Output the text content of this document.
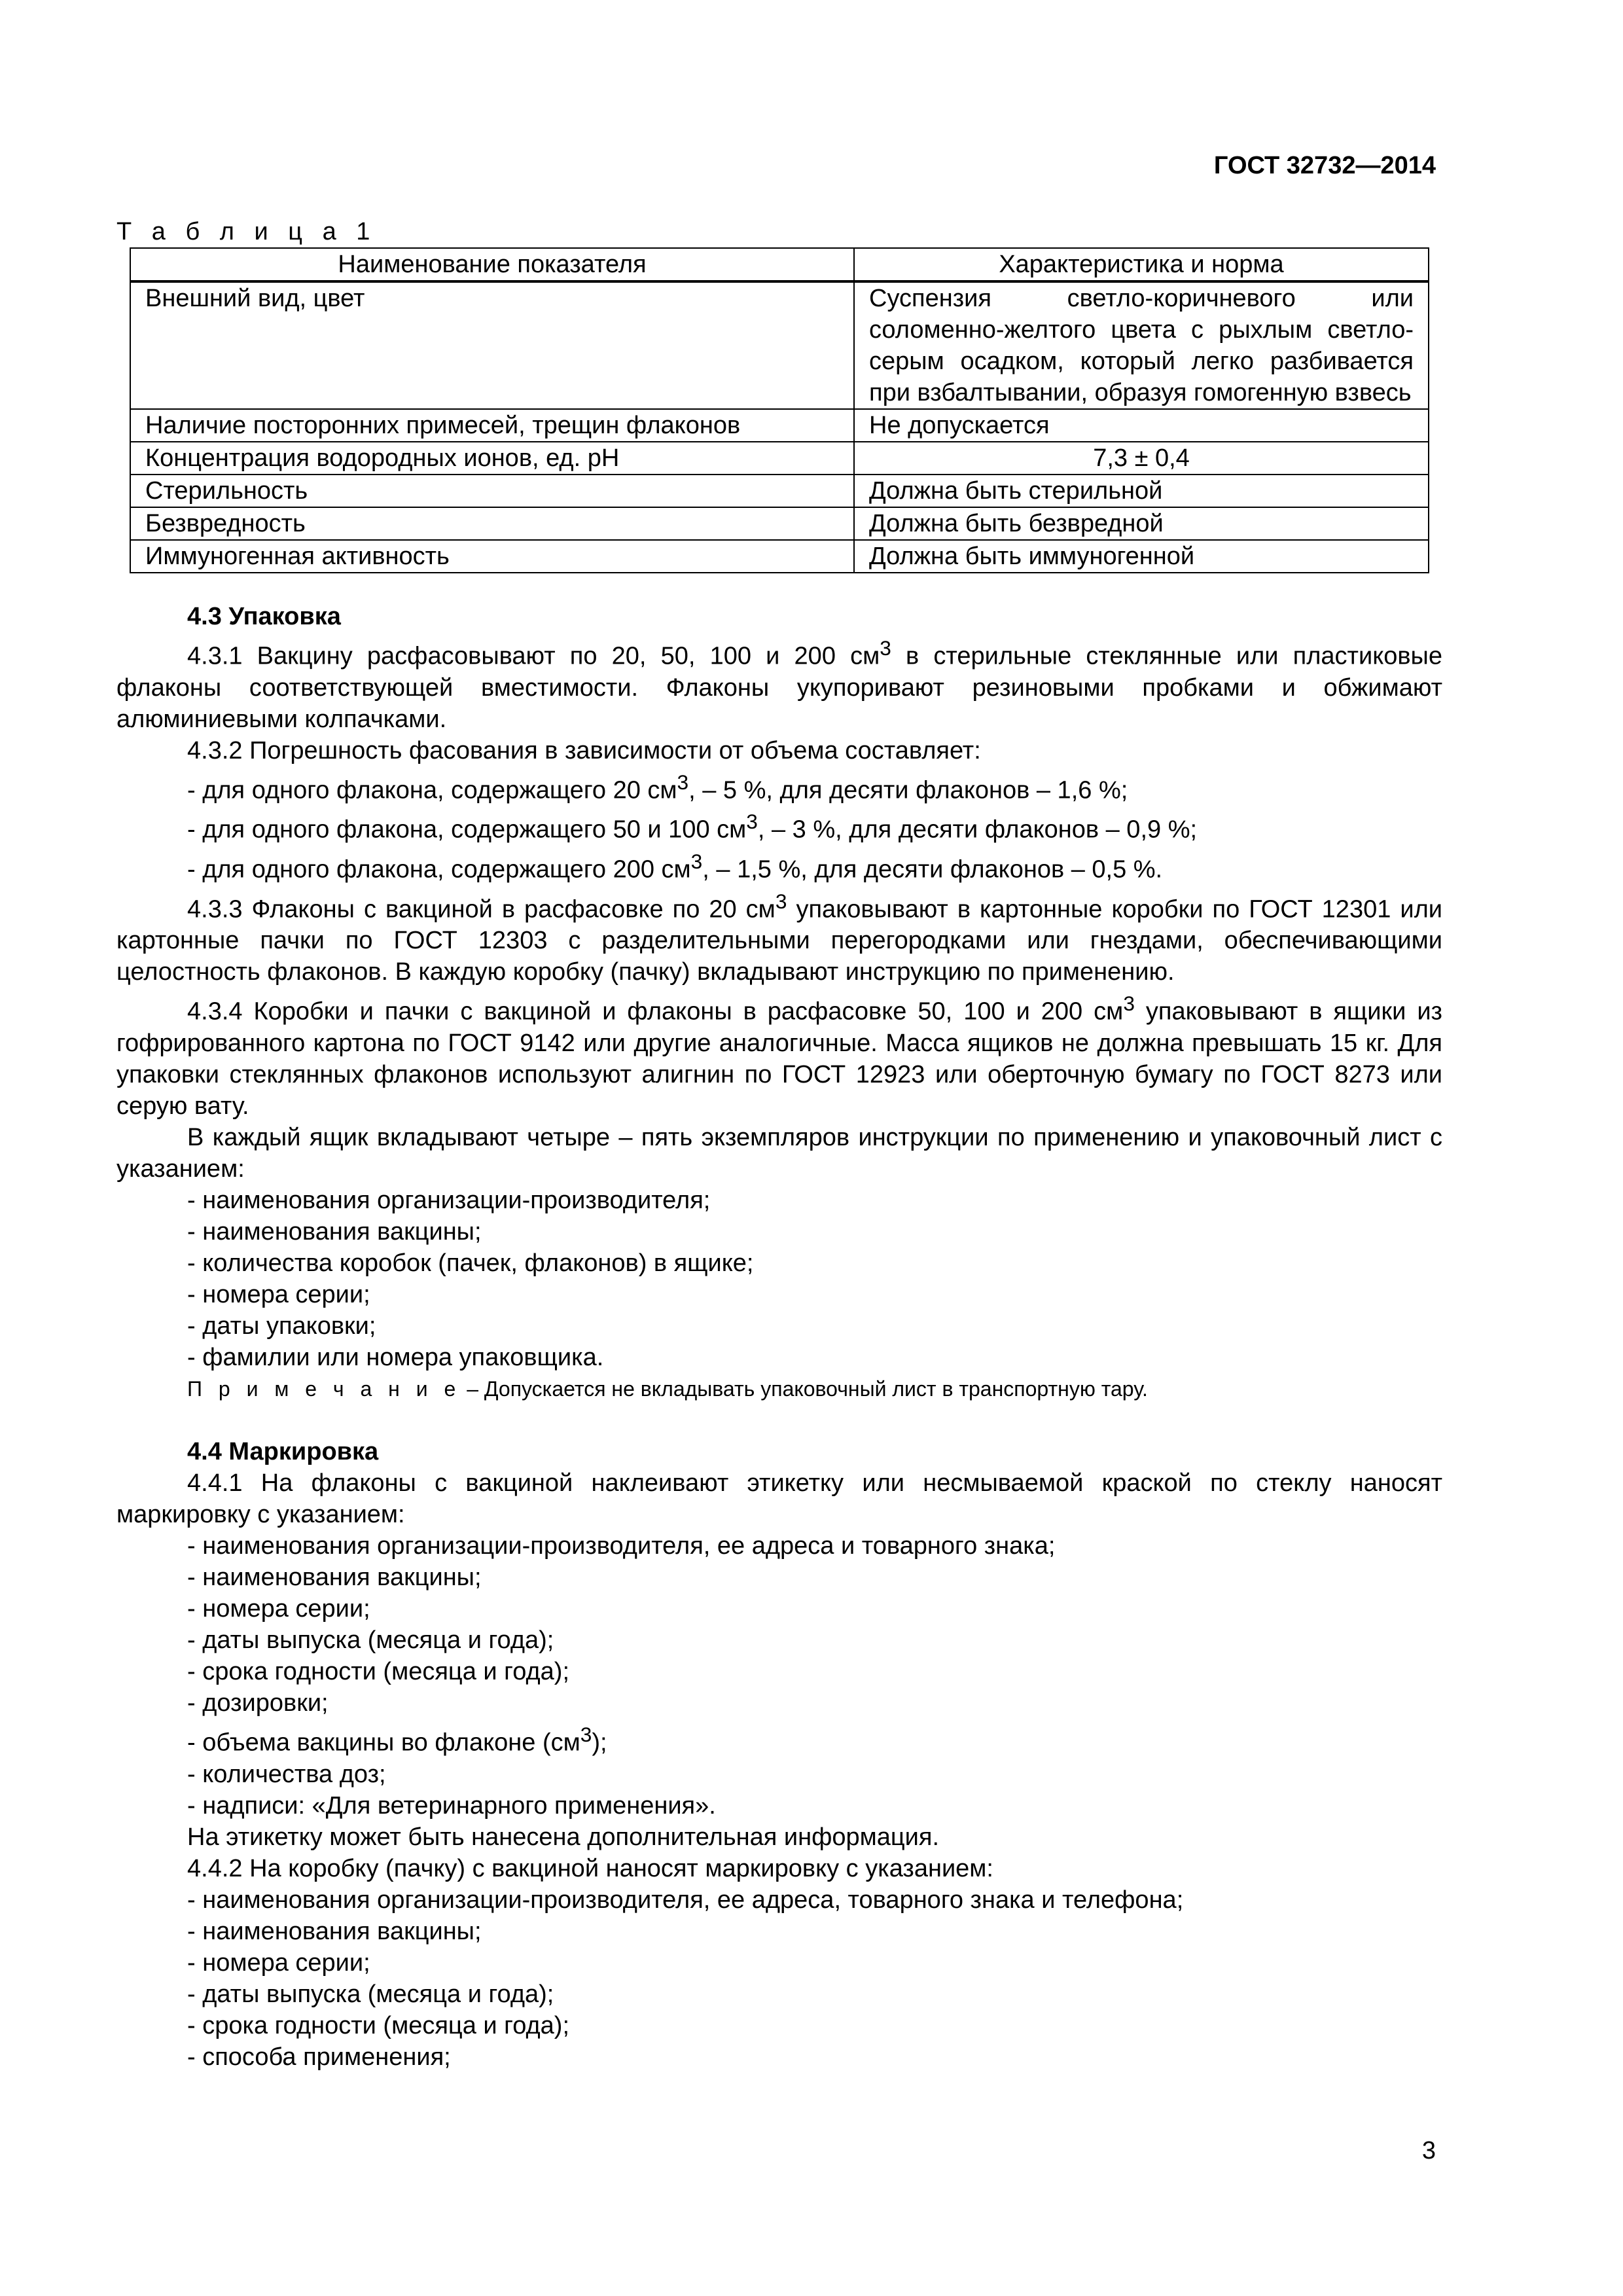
ГОСТ 32732—2014
Т а б л и ц а 1
Наименование показателя	Характеристика и норма
Внешний вид, цвет	Суспензия светло-коричневого или соломенно-желтого цвета с рыхлым светло-серым осадком, который легко разбивается при взбалтывании, образуя гомогенную взвесь
Наличие посторонних примесей, трещин флаконов	Не допускается
Концентрация водородных ионов, ед. pH	7,3 ± 0,4
Стерильность	Должна быть стерильной
Безвредность	Должна быть безвредной
Иммуногенная активность	Должна быть иммуногенной
4.3 Упаковка

4.3.1 Вакцину расфасовывают по 20, 50, 100 и 200 $см^3$ в стерильные стеклянные или пластиковые флаконы соответствующей вместимости. Флаконы укупоривают резиновыми пробками и обжимают алюминиевыми колпачками.

4.3.2 Погрешность фасования в зависимости от объема составляет:

- для одного флакона, содержащего 20 $см^3$, – 5 %, для десяти флаконов – 1,6 %;

- для одного флакона, содержащего 50 и 100 $см^3$, – 3 %, для десяти флаконов – 0,9 %;

- для одного флакона, содержащего 200 $см^3$, – 1,5 %, для десяти флаконов – 0,5 %.

4.3.3 Флаконы с вакциной в расфасовке по 20 $см^3$ упаковывают в картонные коробки по ГОСТ 12301 или картонные пачки по ГОСТ 12303 с разделительными перегородками или гнездами, обеспечивающими целостность флаконов. В каждую коробку (пачку) вкладывают инструкцию по применению.

4.3.4 Коробки и пачки с вакциной и флаконы в расфасовке 50, 100 и 200 $см^3$ упаковывают в ящики из гофрированного картона по ГОСТ 9142 или другие аналогичные. Масса ящиков не должна превышать 15 кг. Для упаковки стеклянных флаконов используют алигнин по ГОСТ 12923 или оберточную бумагу по ГОСТ 8273 или серую вату.

В каждый ящик вкладывают четыре – пять экземпляров инструкции по применению и упаковочный лист с указанием:

- наименования организации-производителя;

- наименования вакцины;

- количества коробок (пачек, флаконов) в ящике;

- номера серии;

- даты упаковки;

- фамилии или номера упаковщика.

П р и м е ч а н и е – Допускается не вкладывать упаковочный лист в транспортную тару.
4.4 Маркировка

4.4.1 На флаконы с вакциной наклеивают этикетку или несмываемой краской по стеклу наносят маркировку с указанием:

- наименования организации-производителя, ее адреса и товарного знака;

- наименования вакцины;

- номера серии;

- даты выпуска (месяца и года);

- срока годности (месяца и года);

- дозировки;

- объема вакцины во флаконе $(см^3)$;

- количества доз;

- надписи: «Для ветеринарного применения».

На этикетку может быть нанесена дополнительная информация.

4.4.2 На коробку (пачку) с вакциной наносят маркировку с указанием:

- наименования организации-производителя, ее адреса, товарного знака и телефона;

- наименования вакцины;

- номера серии;

- даты выпуска (месяца и года);

- срока годности (месяца и года);

- способа применения;

3
